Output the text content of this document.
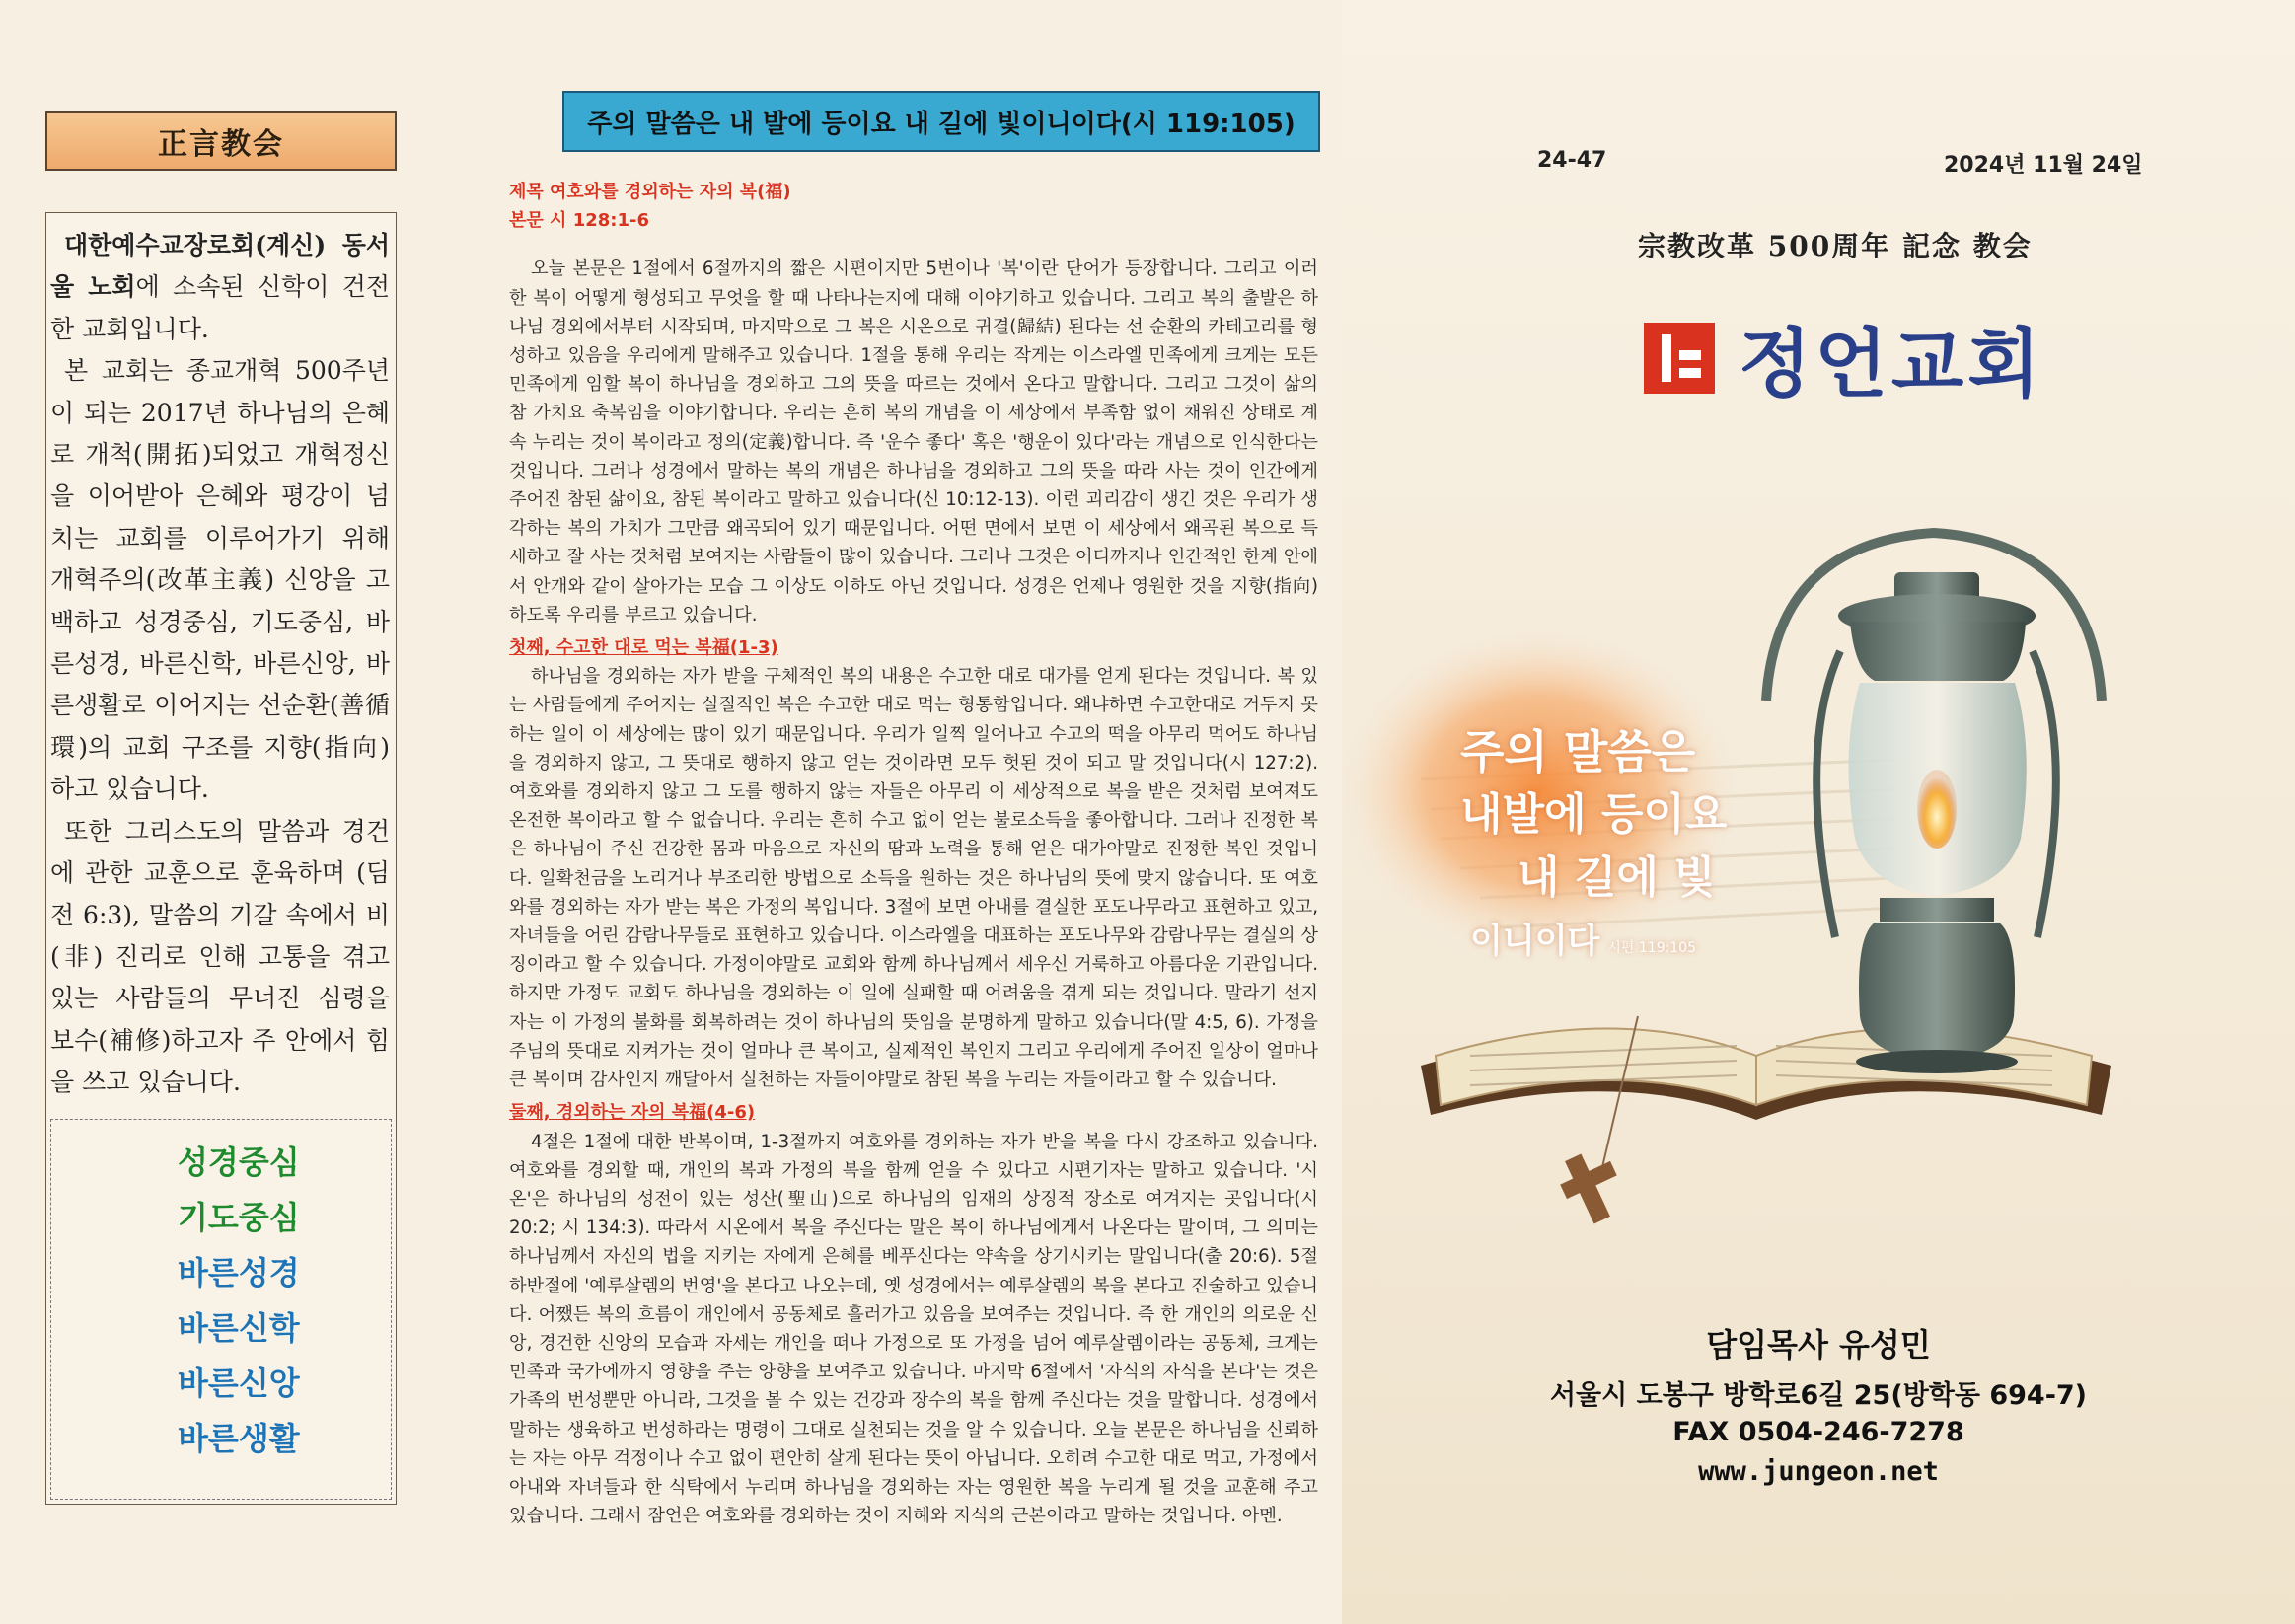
正言教会

대한예수교장로회(계신) 동서울 노회에 소속된 신학이 건전한 교회입니다.

본 교회는 종교개혁 500주년이 되는 2017년 하나님의 은혜로 개척(開拓)되었고 개혁정신을 이어받아 은혜와 평강이 넘치는 교회를 이루어가기 위해 개혁주의(改革主義) 신앙을 고백하고 성경중심, 기도중심, 바른성경, 바른신학, 바른신앙, 바른생활로 이어지는 선순환(善循環)의 교회 구조를 지향(指向)하고 있습니다.

또한 그리스도의 말씀과 경건에 관한 교훈으로 훈육하며 (딤전 6:3), 말씀의 기갈 속에서 비(非) 진리로 인해 고통을 겪고 있는 사람들의 무너진 심령을 보수(補修)하고자 주 안에서 힘을 쓰고 있습니다.

성경중심
기도중심
바른성경
바른신학
바른신앙
바른생활
주의 말씀은 내 발에 등이요 내 길에 빛이니이다(시 119:105)
제목 여호와를 경외하는 자의 복(福)
본문 시 128:1-6

오늘 본문은 1절에서 6절까지의 짧은 시편이지만 5번이나 '복'이란 단어가 등장합니다. 그리고 이러한 복이 어떻게 형성되고 무엇을 할 때 나타나는지에 대해 이야기하고 있습니다. 그리고 복의 출발은 하나님 경외에서부터 시작되며, 마지막으로 그 복은 시온으로 귀결(歸結) 된다는 선 순환의 카테고리를 형성하고 있음을 우리에게 말해주고 있습니다. 1절을 통해 우리는 작게는 이스라엘 민족에게 크게는 모든 민족에게 임할 복이 하나님을 경외하고 그의 뜻을 따르는 것에서 온다고 말합니다. 그리고 그것이 삶의 참 가치요 축복임을 이야기합니다. 우리는 흔히 복의 개념을 이 세상에서 부족함 없이 채워진 상태로 계속 누리는 것이 복이라고 정의(定義)합니다. 즉 '운수 좋다' 혹은 '행운이 있다'라는 개념으로 인식한다는 것입니다. 그러나 성경에서 말하는 복의 개념은 하나님을 경외하고 그의 뜻을 따라 사는 것이 인간에게 주어진 참된 삶이요, 참된 복이라고 말하고 있습니다(신 10:12-13). 이런 괴리감이 생긴 것은 우리가 생각하는 복의 가치가 그만큼 왜곡되어 있기 때문입니다. 어떤 면에서 보면 이 세상에서 왜곡된 복으로 득세하고 잘 사는 것처럼 보여지는 사람들이 많이 있습니다. 그러나 그것은 어디까지나 인간적인 한계 안에서 안개와 같이 살아가는 모습 그 이상도 이하도 아닌 것입니다. 성경은 언제나 영원한 것을 지향(指向)하도록 우리를 부르고 있습니다.

첫째, 수고한 대로 먹는 복福(1-3)

하나님을 경외하는 자가 받을 구체적인 복의 내용은 수고한 대로 대가를 얻게 된다는 것입니다. 복 있는 사람들에게 주어지는 실질적인 복은 수고한 대로 먹는 형통함입니다. 왜냐하면 수고한대로 거두지 못하는 일이 이 세상에는 많이 있기 때문입니다. 우리가 일찍 일어나고 수고의 떡을 아무리 먹어도 하나님을 경외하지 않고, 그 뜻대로 행하지 않고 얻는 것이라면 모두 헛된 것이 되고 말 것입니다(시 127:2). 여호와를 경외하지 않고 그 도를 행하지 않는 자들은 아무리 이 세상적으로 복을 받은 것처럼 보여져도 온전한 복이라고 할 수 없습니다. 우리는 흔히 수고 없이 얻는 불로소득을 좋아합니다. 그러나 진정한 복은 하나님이 주신 건강한 몸과 마음으로 자신의 땀과 노력을 통해 얻은 대가야말로 진정한 복인 것입니다. 일확천금을 노리거나 부조리한 방법으로 소득을 원하는 것은 하나님의 뜻에 맞지 않습니다. 또 여호와를 경외하는 자가 받는 복은 가정의 복입니다. 3절에 보면 아내를 결실한 포도나무라고 표현하고 있고, 자녀들을 어린 감람나무들로 표현하고 있습니다. 이스라엘을 대표하는 포도나무와 감람나무는 결실의 상징이라고 할 수 있습니다. 가정이야말로 교회와 함께 하나님께서 세우신 거룩하고 아름다운 기관입니다. 하지만 가정도 교회도 하나님을 경외하는 이 일에 실패할 때 어려움을 겪게 되는 것입니다. 말라기 선지자는 이 가정의 불화를 회복하려는 것이 하나님의 뜻임을 분명하게 말하고 있습니다(말 4:5, 6). 가정을 주님의 뜻대로 지켜가는 것이 얼마나 큰 복이고, 실제적인 복인지 그리고 우리에게 주어진 일상이 얼마나 큰 복이며 감사인지 깨달아서 실천하는 자들이야말로 참된 복을 누리는 자들이라고 할 수 있습니다.

둘째, 경외하는 자의 복福(4-6)

4절은 1절에 대한 반복이며, 1-3절까지 여호와를 경외하는 자가 받을 복을 다시 강조하고 있습니다. 여호와를 경외할 때, 개인의 복과 가정의 복을 함께 얻을 수 있다고 시편기자는 말하고 있습니다. '시온'은 하나님의 성전이 있는 성산(聖山)으로 하나님의 임재의 상징적 장소로 여겨지는 곳입니다(시 20:2; 시 134:3). 따라서 시온에서 복을 주신다는 말은 복이 하나님에게서 나온다는 말이며, 그 의미는 하나님께서 자신의 법을 지키는 자에게 은혜를 베푸신다는 약속을 상기시키는 말입니다(출 20:6). 5절 하반절에 '예루살렘의 번영'을 본다고 나오는데, 옛 성경에서는 예루살렘의 복을 본다고 진술하고 있습니다. 어쨌든 복의 흐름이 개인에서 공동체로 흘러가고 있음을 보여주는 것입니다. 즉 한 개인의 의로운 신앙, 경건한 신앙의 모습과 자세는 개인을 떠나 가정으로 또 가정을 넘어 예루살렘이라는 공동체, 크게는 민족과 국가에까지 영향을 주는 양향을 보여주고 있습니다. 마지막 6절에서 '자식의 자식을 본다'는 것은 가족의 번성뿐만 아니라, 그것을 볼 수 있는 건강과 장수의 복을 함께 주신다는 것을 말합니다. 성경에서 말하는 생육하고 번성하라는 명령이 그대로 실천되는 것을 알 수 있습니다. 오늘 본문은 하나님을 신뢰하는 자는 아무 걱정이나 수고 없이 편안히 살게 된다는 뜻이 아닙니다. 오히려 수고한 대로 먹고, 가정에서 아내와 자녀들과 한 식탁에서 누리며 하나님을 경외하는 자는 영원한 복을 누리게 될 것을 교훈해 주고 있습니다. 그래서 잠언은 여호와를 경외하는 것이 지혜와 지식의 근본이라고 말하는 것입니다. 아멘.

24-47	2024년 11월 24일
宗教改革 500周年 記念 教会
정언교회
주의 말씀은
내발에 등이요
내 길에 빛
이니이다 시편 119:105
담임목사 유성민
서울시 도봉구 방학로6길 25(방학동 694-7)
FAX 0504-246-7278
www.jungeon.net
